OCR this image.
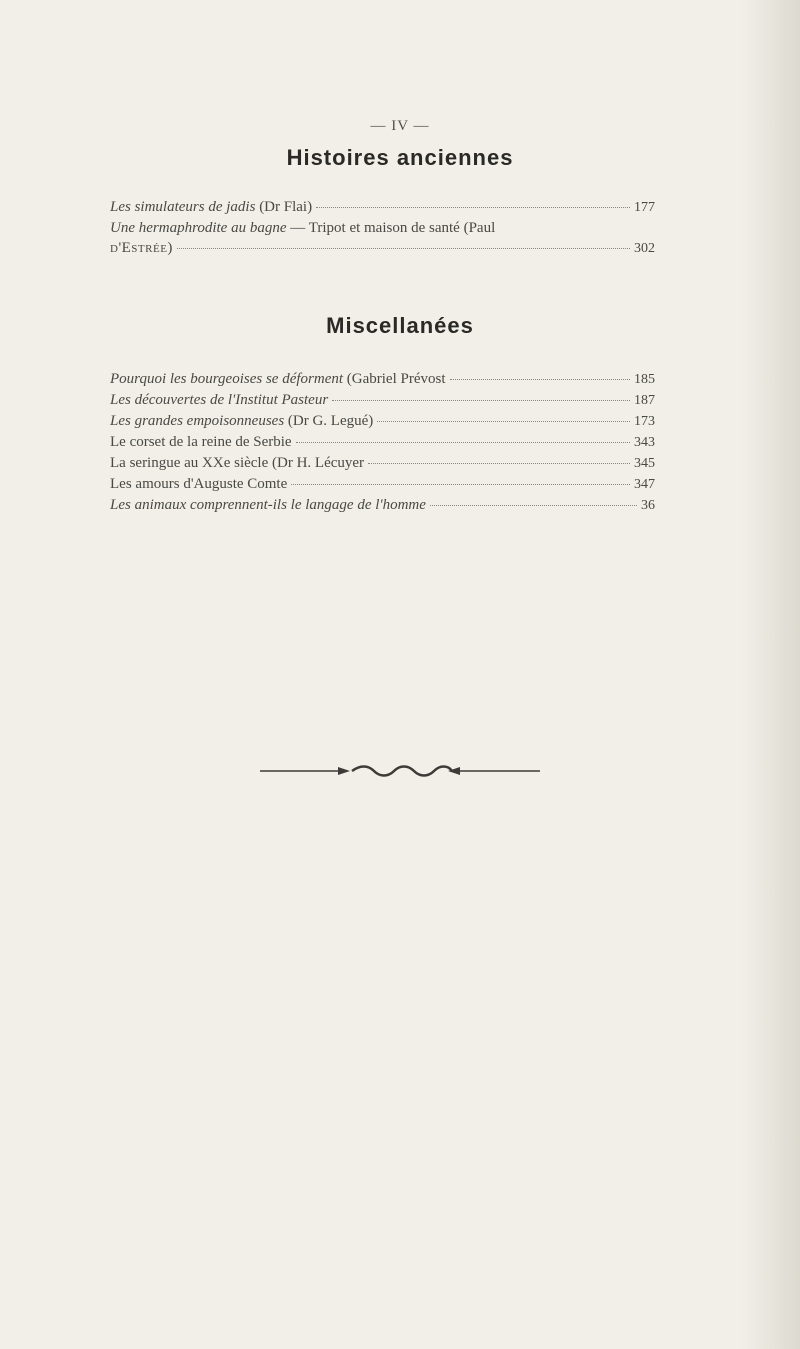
— IV —
Histoires anciennes
Les simulateurs de jadis (Dr Flai)	177
Une hermaphrodite au bagne — Tripot et maison de santé (Paul
d'Estrée)	302
Miscellanées
Pourquoi les bourgeoises se déforment (Gabriel Prévost	185
Les découvertes de l'Institut Pasteur	187
Les grandes empoisonneuses (Dr G. Legué)	173
Le corset de la reine de Serbie	343
La seringue au XXe siècle (Dr H. Lécuyer	345
Les amours d'Auguste Comte	347
Les animaux comprennent-ils le langage de l'homme	36
